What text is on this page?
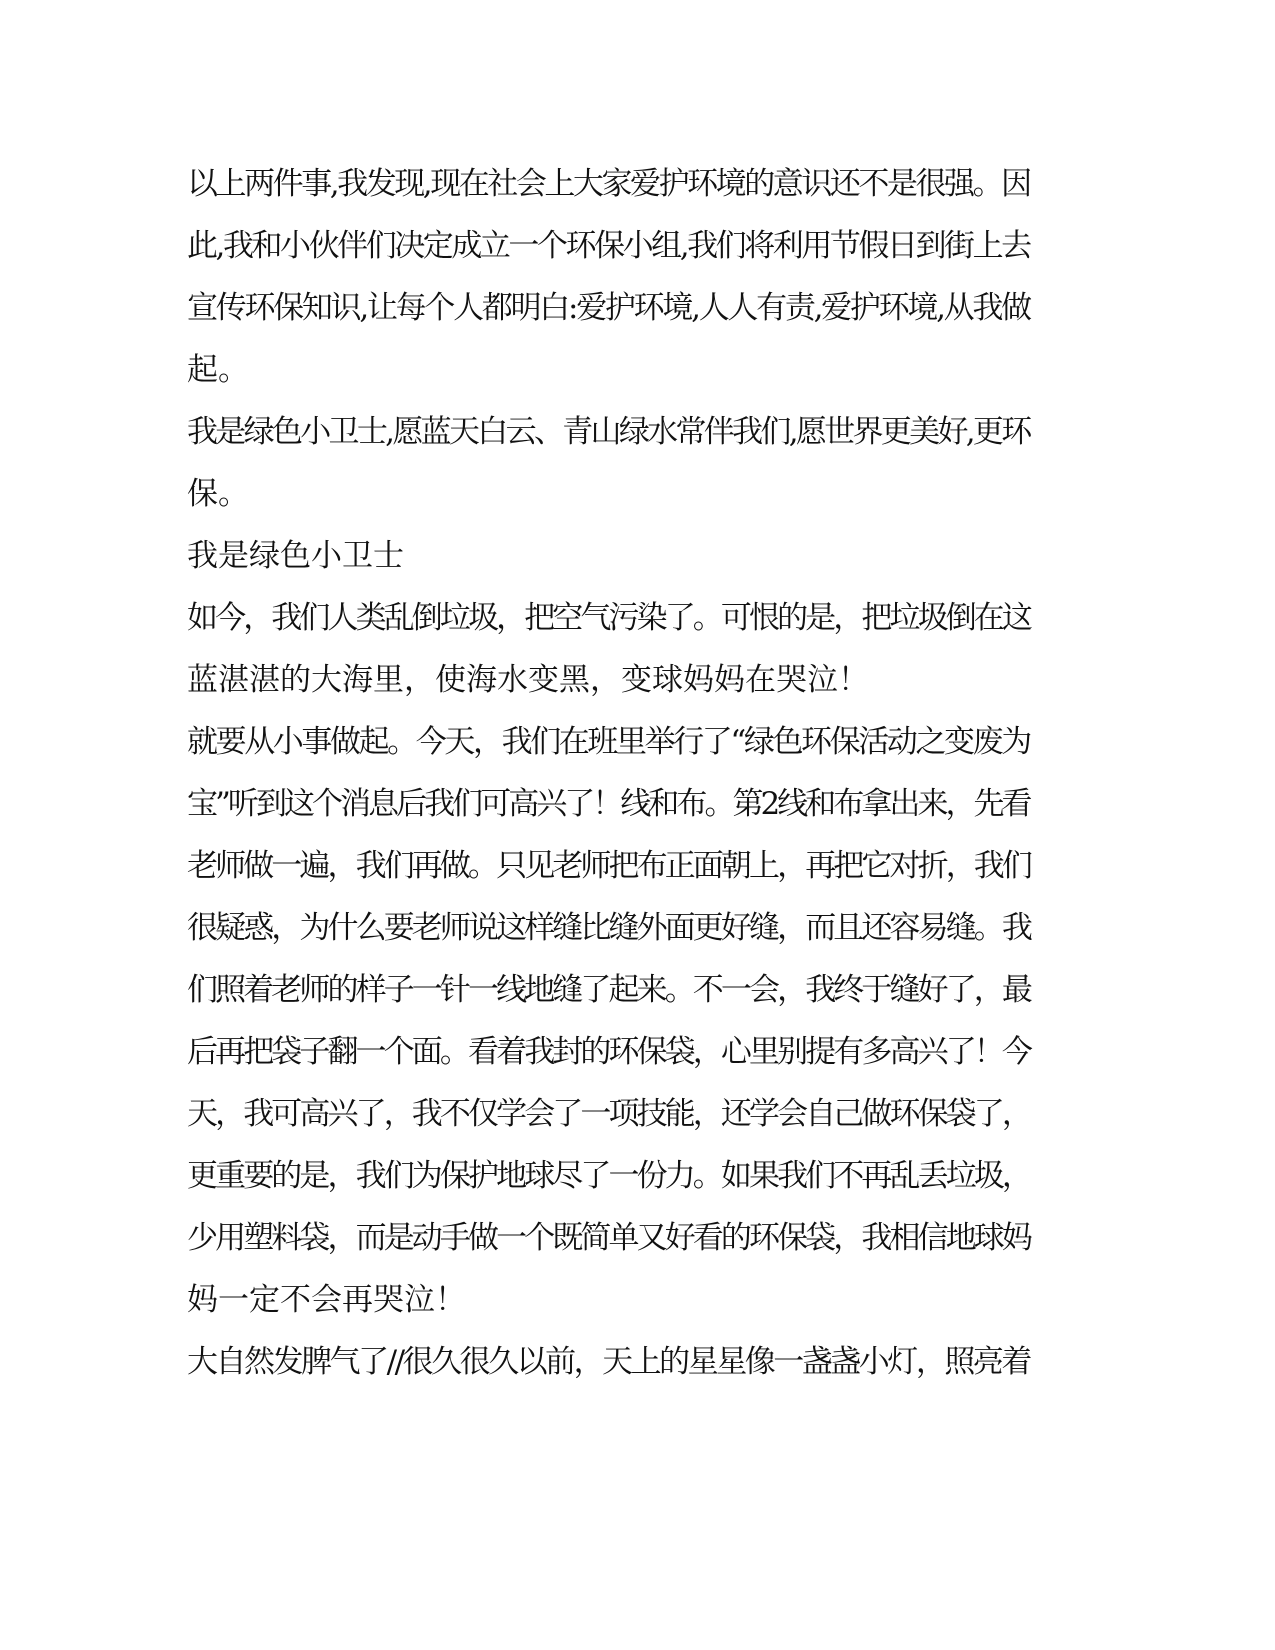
以上两件事,我发现,现在社会上大家爱护环境的意识还不是很强。因
此,我和小伙伴们决定成立一个环保小组,我们将利用节假日到街上去
宣传环保知识,让每个人都明白:爱护环境,人人有责,爱护环境,从我做
起。
我是绿色小卫士,愿蓝天白云、青山绿水常伴我们,愿世界更美好,更环
保。
我是绿色小卫士
如今，我们人类乱倒垃圾，把空气污染了。可恨的是，把垃圾倒在这
蓝湛湛的大海里，使海水变黑，变球妈妈在哭泣！
就要从小事做起。今天，我们在班里举行了“绿色环保活动之变废为
宝”听到这个消息后我们可高兴了！线和布。第2线和布拿出来，先看
老师做一遍，我们再做。只见老师把布正面朝上，再把它对折，我们
很疑惑，为什么要老师说这样缝比缝外面更好缝，而且还容易缝。我
们照着老师的样子一针一线地缝了起来。不一会，我终于缝好了，最
后再把袋子翻一个面。看着我封的环保袋，心里别提有多高兴了！今
天，我可高兴了，我不仅学会了一项技能，还学会自己做环保袋了，
更重要的是，我们为保护地球尽了一份力。如果我们不再乱丢垃圾，
少用塑料袋，而是动手做一个既简单又好看的环保袋，我相信地球妈
妈一定不会再哭泣！
大自然发脾气了//很久很久以前，天上的星星像一盏盏小灯，照亮着
